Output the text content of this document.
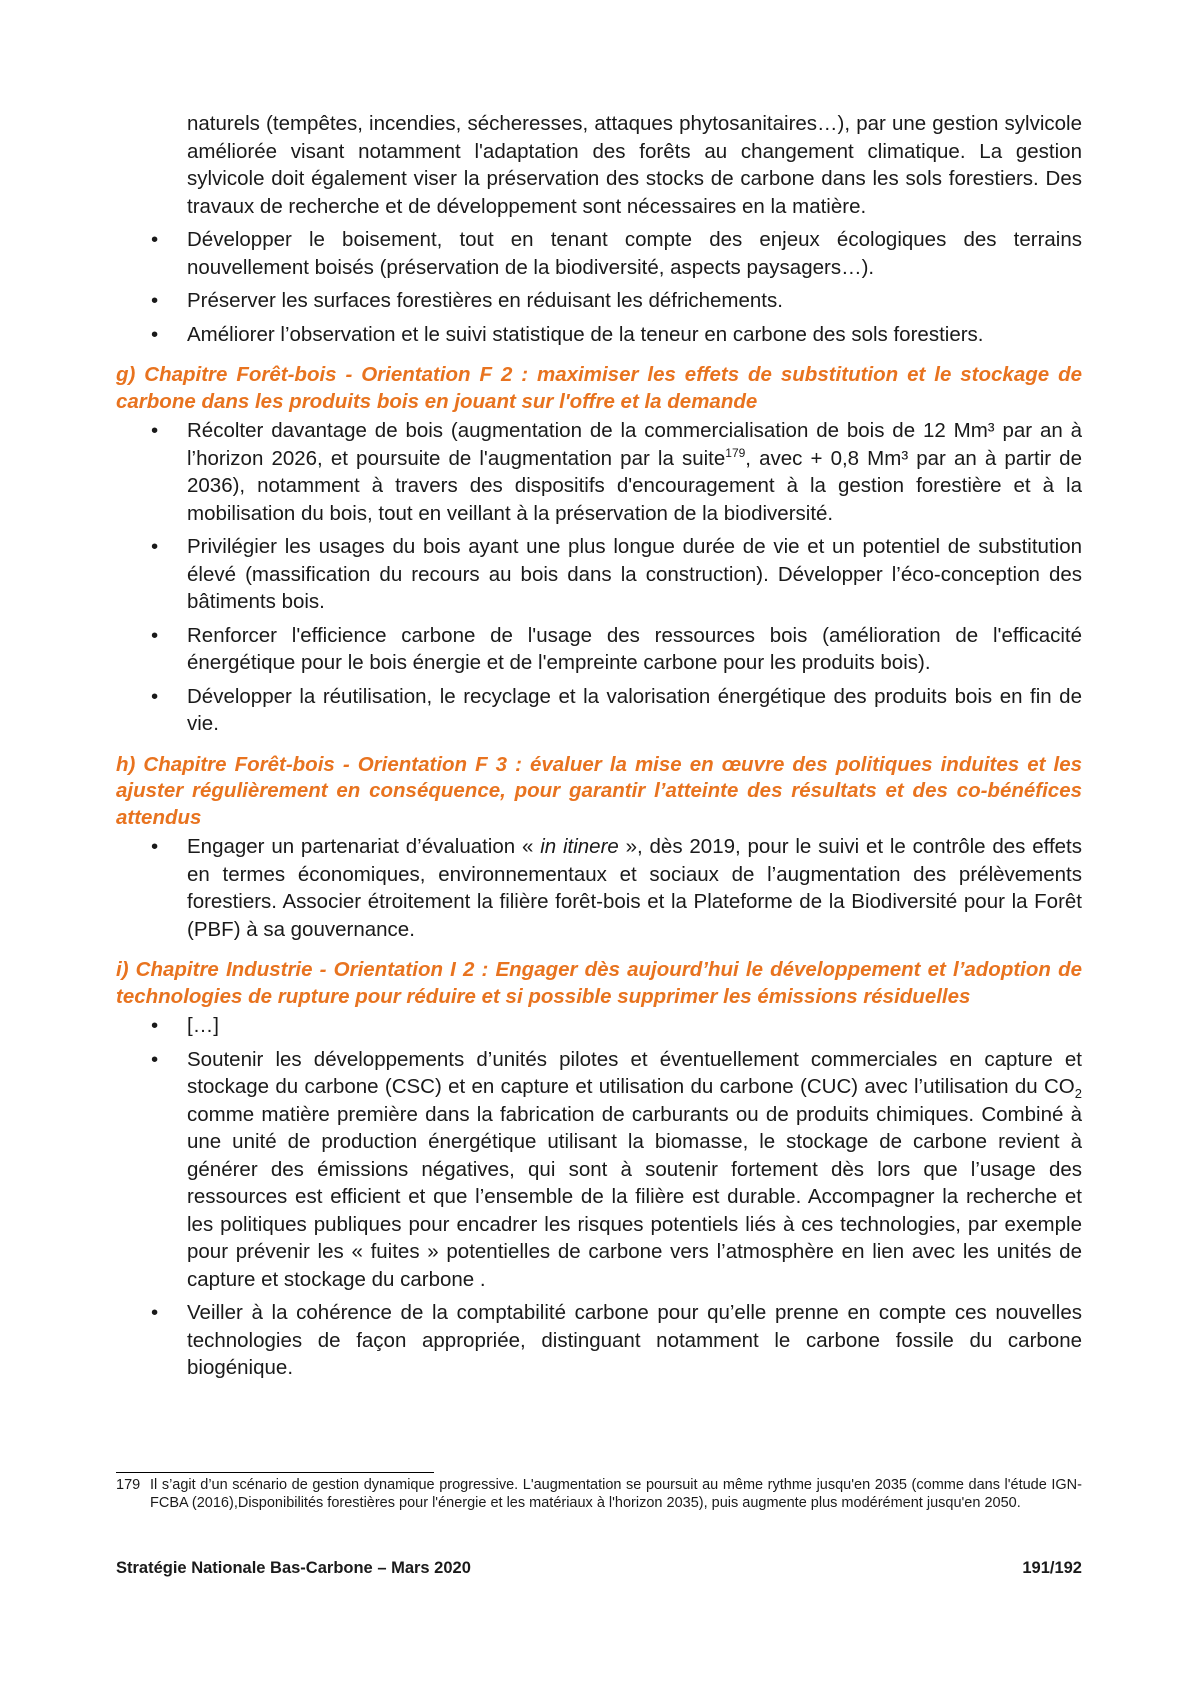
naturels (tempêtes, incendies, sécheresses, attaques phytosanitaires…), par une gestion sylvicole améliorée visant notamment l'adaptation des forêts au changement climatique. La gestion sylvicole doit également viser la préservation des stocks de carbone dans les sols forestiers. Des travaux de recherche et de développement sont nécessaires en la matière.
• Développer le boisement, tout en tenant compte des enjeux écologiques des terrains nouvellement boisés (préservation de la biodiversité, aspects paysagers…).
• Préserver les surfaces forestières en réduisant les défrichements.
• Améliorer l’observation et le suivi statistique de la teneur en carbone des sols forestiers.
g) Chapitre Forêt-bois - Orientation F 2 : maximiser les effets de substitution et le stockage de carbone dans les produits bois en jouant sur l'offre et la demande
• Récolter davantage de bois (augmentation de la commercialisation de bois de 12 Mm³ par an à l’horizon 2026, et poursuite de l'augmentation par la suite$^{179}$, avec + 0,8 Mm³ par an à partir de 2036), notamment à travers des dispositifs d'encouragement à la gestion forestière et à la mobilisation du bois, tout en veillant à la préservation de la biodiversité.
• Privilégier les usages du bois ayant une plus longue durée de vie et un potentiel de substitution élevé (massification du recours au bois dans la construction). Développer l’éco-conception des bâtiments bois.
• Renforcer l'efficience carbone de l'usage des ressources bois (amélioration de l'efficacité énergétique pour le bois énergie et de l'empreinte carbone pour les produits bois).
• Développer la réutilisation, le recyclage et la valorisation énergétique des produits bois en fin de vie.
h) Chapitre Forêt-bois - Orientation F 3 : évaluer la mise en œuvre des politiques induites et les ajuster régulièrement en conséquence, pour garantir l’atteinte des résultats et des co-bénéfices attendus
• Engager un partenariat d’évaluation « in itinere », dès 2019, pour le suivi et le contrôle des effets en termes économiques, environnementaux et sociaux de l’augmentation des prélèvements forestiers. Associer étroitement la filière forêt-bois et la Plateforme de la Biodiversité pour la Forêt (PBF) à sa gouvernance.
i) Chapitre Industrie - Orientation I 2 : Engager dès aujourd’hui le développement et l’adoption de technologies de rupture pour réduire et si possible supprimer les émissions résiduelles
• […]
• Soutenir les développements d’unités pilotes et éventuellement commerciales en capture et stockage du carbone (CSC) et en capture et utilisation du carbone (CUC) avec l’utilisation du $CO_2$ comme matière première dans la fabrication de carburants ou de produits chimiques. Combiné à une unité de production énergétique utilisant la biomasse, le stockage de carbone revient à générer des émissions négatives, qui sont à soutenir fortement dès lors que l’usage des ressources est efficient et que l’ensemble de la filière est durable. Accompagner la recherche et les politiques publiques pour encadrer les risques potentiels liés à ces technologies, par exemple pour prévenir les « fuites » potentielles de carbone vers l’atmosphère en lien avec les unités de capture et stockage du carbone .
• Veiller à la cohérence de la comptabilité carbone pour qu’elle prenne en compte ces nouvelles technologies de façon appropriée, distinguant notamment le carbone fossile du carbone biogénique.
179 Il s’agit d’un scénario de gestion dynamique progressive. L'augmentation se poursuit au même rythme jusqu'en 2035 (comme dans l'étude IGN-FCBA (2016),Disponibilités forestières pour l'énergie et les matériaux à l'horizon 2035), puis augmente plus modérément jusqu'en 2050.
Stratégie Nationale Bas-Carbone – Mars 2020	191/192
